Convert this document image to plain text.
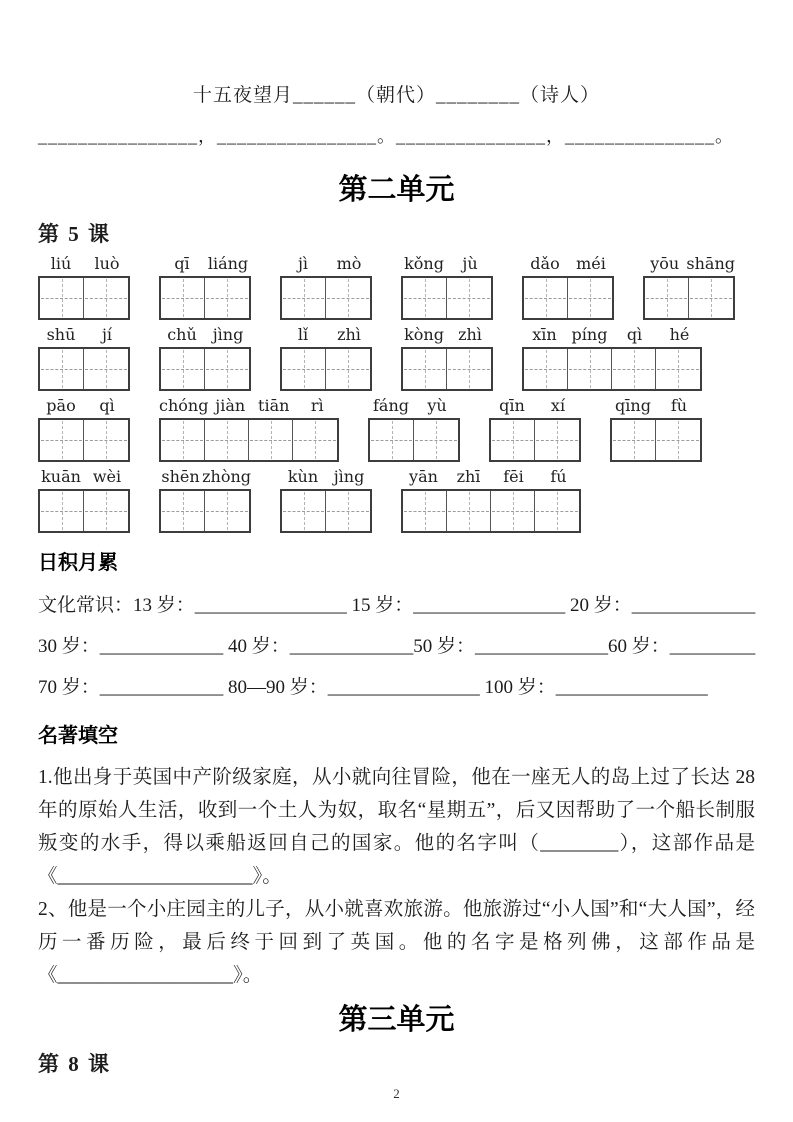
十五夜望月______（朝代）________（诗人）
________________，________________。_______________，_______________。
第二单元
第 5 课
liú	luò	qī	liáng	jì	mò	kǒng	jù	dǎo	méi	yōu shāng
shū	jí	chǔ jìng	lǐ	zhì	kòng zhì	xīn píng	qì	hé
pāo	qì	chóng jiàn tiān	rì	fáng	yù	qīn	xí	qīng	fù
kuān wèi	shēn zhòng	kùn jìng	yān	zhī	fēi	fú
日积月累
文化常识：13 岁：________________ 15 岁：________________ 20 岁：_____________
30 岁：_____________ 40 岁：_____________50 岁：______________60 岁：_________
70 岁：_____________ 80—90 岁：________________ 100 岁：________________
名著填空
1.他出身于英国中产阶级家庭，从小就向往冒险，他在一座无人的岛上过了长达 28 年的原始人生活，收到一个土人为奴，取名“星期五”，后又因帮助了一个船长制服叛变的水手，得以乘船返回自己的国家。他的名字叫（________），这部作品是《____________________》。
2、他是一个小庄园主的儿子，从小就喜欢旅游。他旅游过“小人国”和“大人国”，经历一番历险，最后终于回到了英国。他的名字是格列佛，这部作品是《__________________》。
第三单元
第 8 课
2
